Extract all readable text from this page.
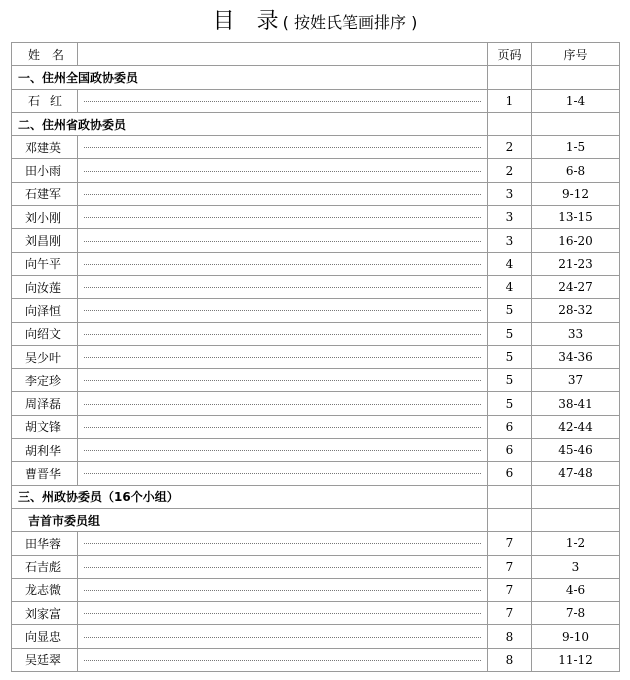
目 录 ( 按姓氏笔画排序 )
姓名		页码	序号
一、住州全国政协委员			
石红		1	1-4
二、住州省政协委员			
邓建英		2	1-5
田小雨		2	6-8
石建军		3	9-12
刘小刚		3	13-15
刘昌刚		3	16-20
向午平		4	21-23
向汝莲		4	24-27
向泽恒		5	28-32
向绍文		5	33
吴少叶		5	34-36
李定珍		5	37
周泽磊		5	38-41
胡文锋		6	42-44
胡利华		6	45-46
曹晋华		6	47-48
三、州政协委员（16个小组）			
吉首市委员组			
田华蓉		7	1-2
石吉彪		7	3
龙志微		7	4-6
刘家富		7	7-8
向显忠		8	9-10
吴廷翠		8	11-12
